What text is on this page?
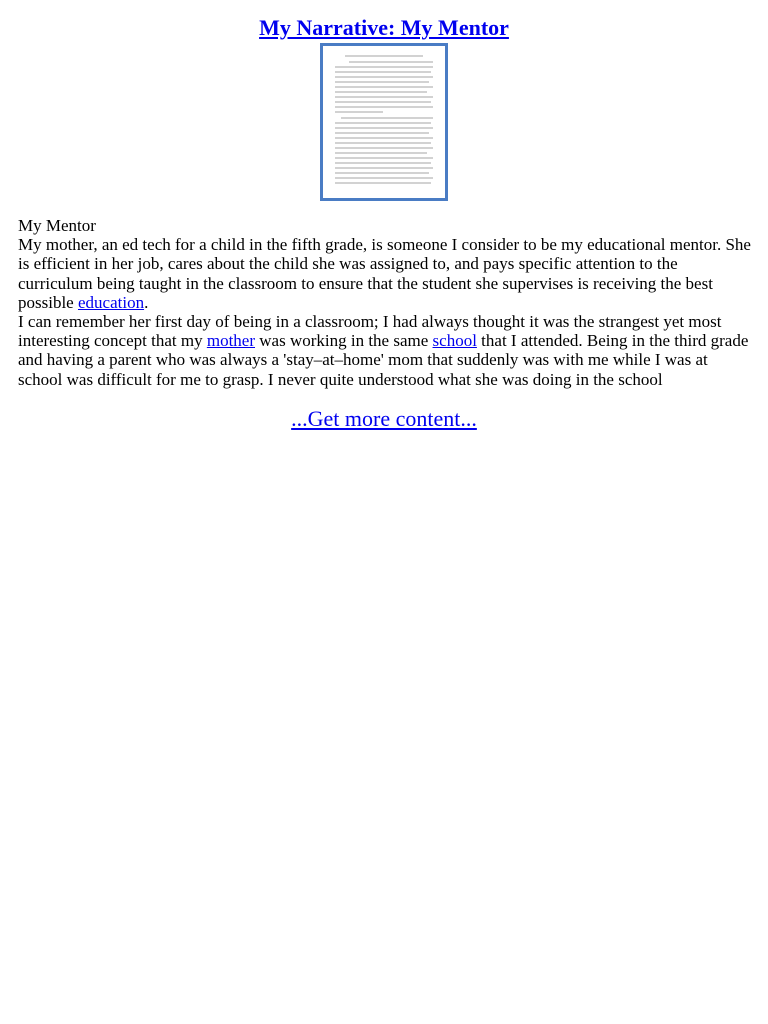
My Narrative: My Mentor

My Mentor

My mother, an ed tech for a child in the fifth grade, is someone I consider to be my educational mentor. She is efficient in her job, cares about the child she was assigned to, and pays specific attention to the curriculum being taught in the classroom to ensure that the student she supervises is receiving the best possible education.

I can remember her first day of being in a classroom; I had always thought it was the strangest yet most interesting concept that my mother was working in the same school that I attended. Being in the third grade and having a parent who was always a 'stay–at–home' mom that suddenly was with me while I was at school was difficult for me to grasp. I never quite understood what she was doing in the school

...Get more content...
